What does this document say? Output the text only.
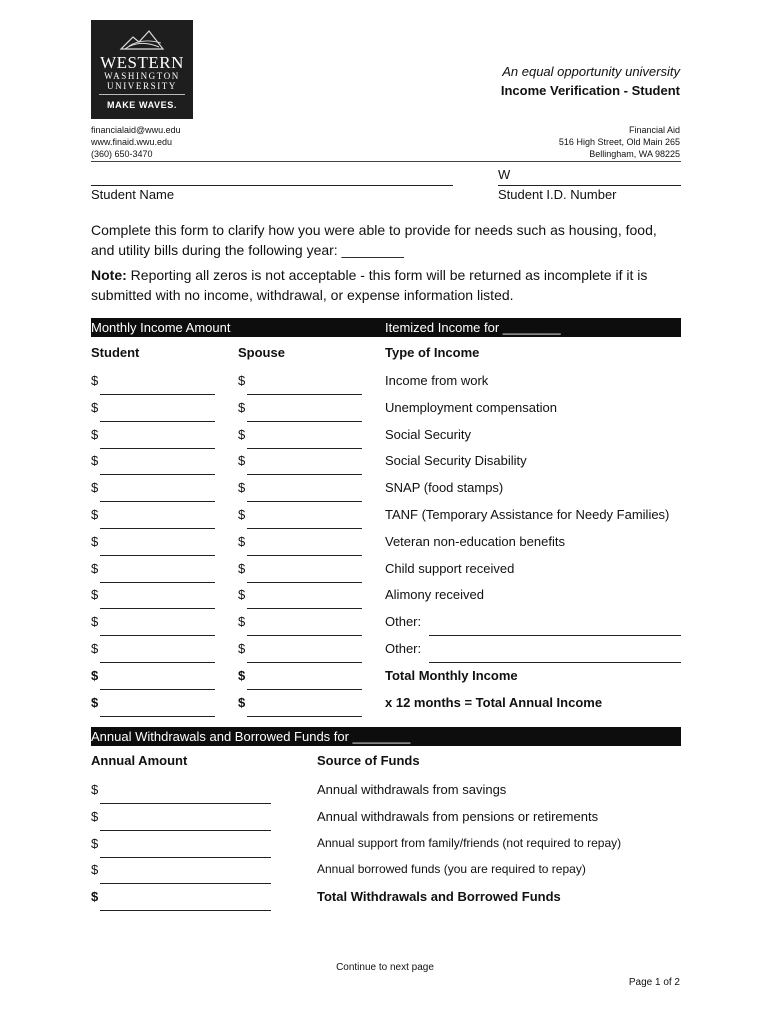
WESTERN
WASHINGTON
UNIVERSITY
MAKE WAVES.
An equal opportunity university
Income Verification - Student
financialaid@wwu.edu
www.finaid.wwu.edu
(360) 650-3470
Financial Aid
516 High Street, Old Main 265
Bellingham, WA 98225
Student Name
W
Student I.D. Number
Complete this form to clarify how you were able to provide for needs such as housing, food,
and utility bills during the following year: ________
Note: Reporting all zeros is not acceptable - this form will be returned as incomplete if it is
submitted with no income, withdrawal, or expense information listed.
Monthly Income Amount	Itemized Income for ________
Student	Spouse	Type of Income
$	$	Income from work
$	$	Unemployment compensation
$	$	Social Security
$	$	Social Security Disability
$	$	SNAP (food stamps)
$	$	TANF (Temporary Assistance for Needy Families)
$	$	Veteran non-education benefits
$	$	Child support received
$	$	Alimony received
$	$	Other:
$	$	Other:
$	$	Total Monthly Income
$	$	x 12 months = Total Annual Income
Annual Withdrawals and Borrowed Funds for ________
Annual Amount	Source of Funds
$	Annual withdrawals from savings
$	Annual withdrawals from pensions or retirements
$	Annual support from family/friends (not required to repay)
$	Annual borrowed funds (you are required to repay)
$	Total Withdrawals and Borrowed Funds
Continue to next page
Page 1 of 2
